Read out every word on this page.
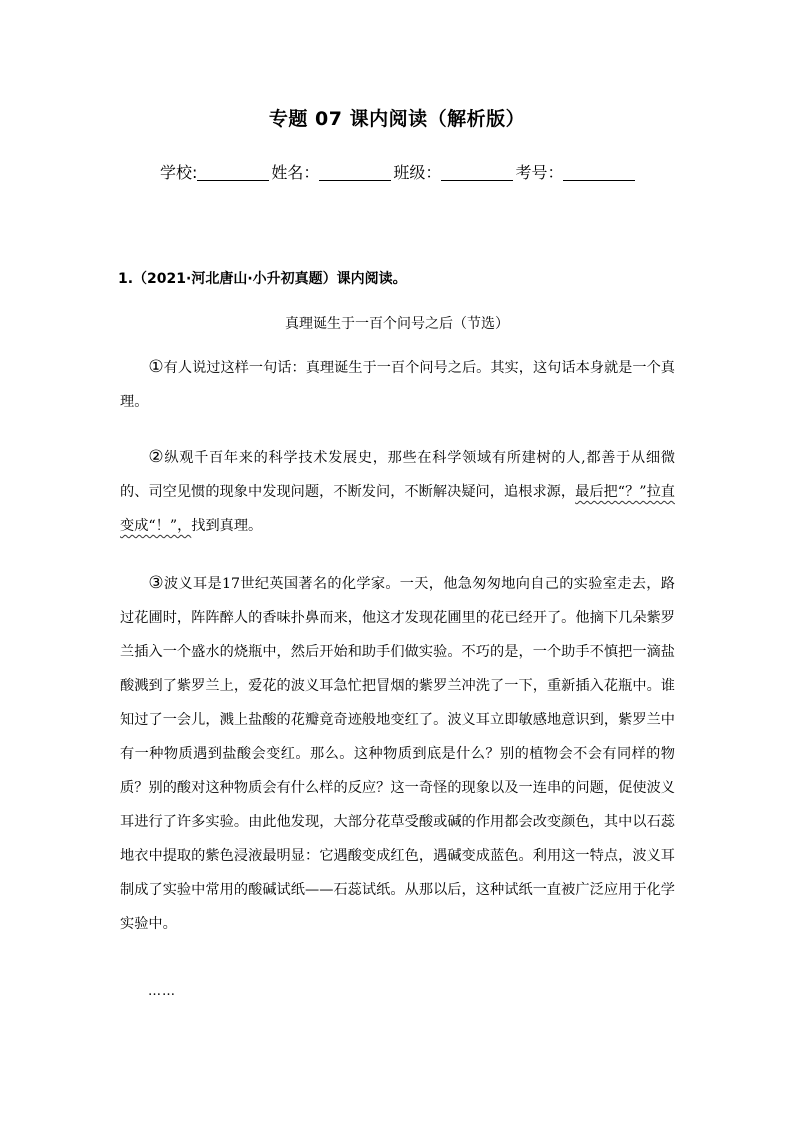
专题 07 课内阅读（解析版）
学校:	姓名：	班级：	考号：
1.（2021·河北唐山·小升初真题）课内阅读。
真理诞生于一百个问号之后（节选）
①有人说过这样一句话：真理诞生于一百个问号之后。其实，这句话本身就是一个真理。
②纵观千百年来的科学技术发展史，那些在科学领域有所建树的人,都善于从细微的、司空见惯的现象中发现问题，不断发问，不断解决疑问，追根求源，最后把“？”拉直变成“！”，找到真理。
③波义耳是17世纪英国著名的化学家。一天，他急匆匆地向自己的实验室走去，路过花圃时，阵阵醉人的香味扑鼻而来，他这才发现花圃里的花已经开了。他摘下几朵紫罗兰插入一个盛水的烧瓶中，然后开始和助手们做实验。不巧的是，一个助手不慎把一滴盐酸溅到了紫罗兰上，爱花的波义耳急忙把冒烟的紫罗兰冲洗了一下，重新插入花瓶中。谁知过了一会儿，溅上盐酸的花瓣竟奇迹般地变红了。波义耳立即敏感地意识到，紫罗兰中有一种物质遇到盐酸会变红。那么。这种物质到底是什么？别的植物会不会有同样的物质？别的酸对这种物质会有什么样的反应？这一奇怪的现象以及一连串的问题，促使波义耳进行了许多实验。由此他发现，大部分花草受酸或碱的作用都会改变颜色，其中以石蕊地衣中提取的紫色浸液最明显：它遇酸变成红色，遇碱变成蓝色。利用这一特点，波义耳制成了实验中常用的酸碱试纸——石蕊试纸。从那以后，这种试纸一直被广泛应用于化学实验中。
……
